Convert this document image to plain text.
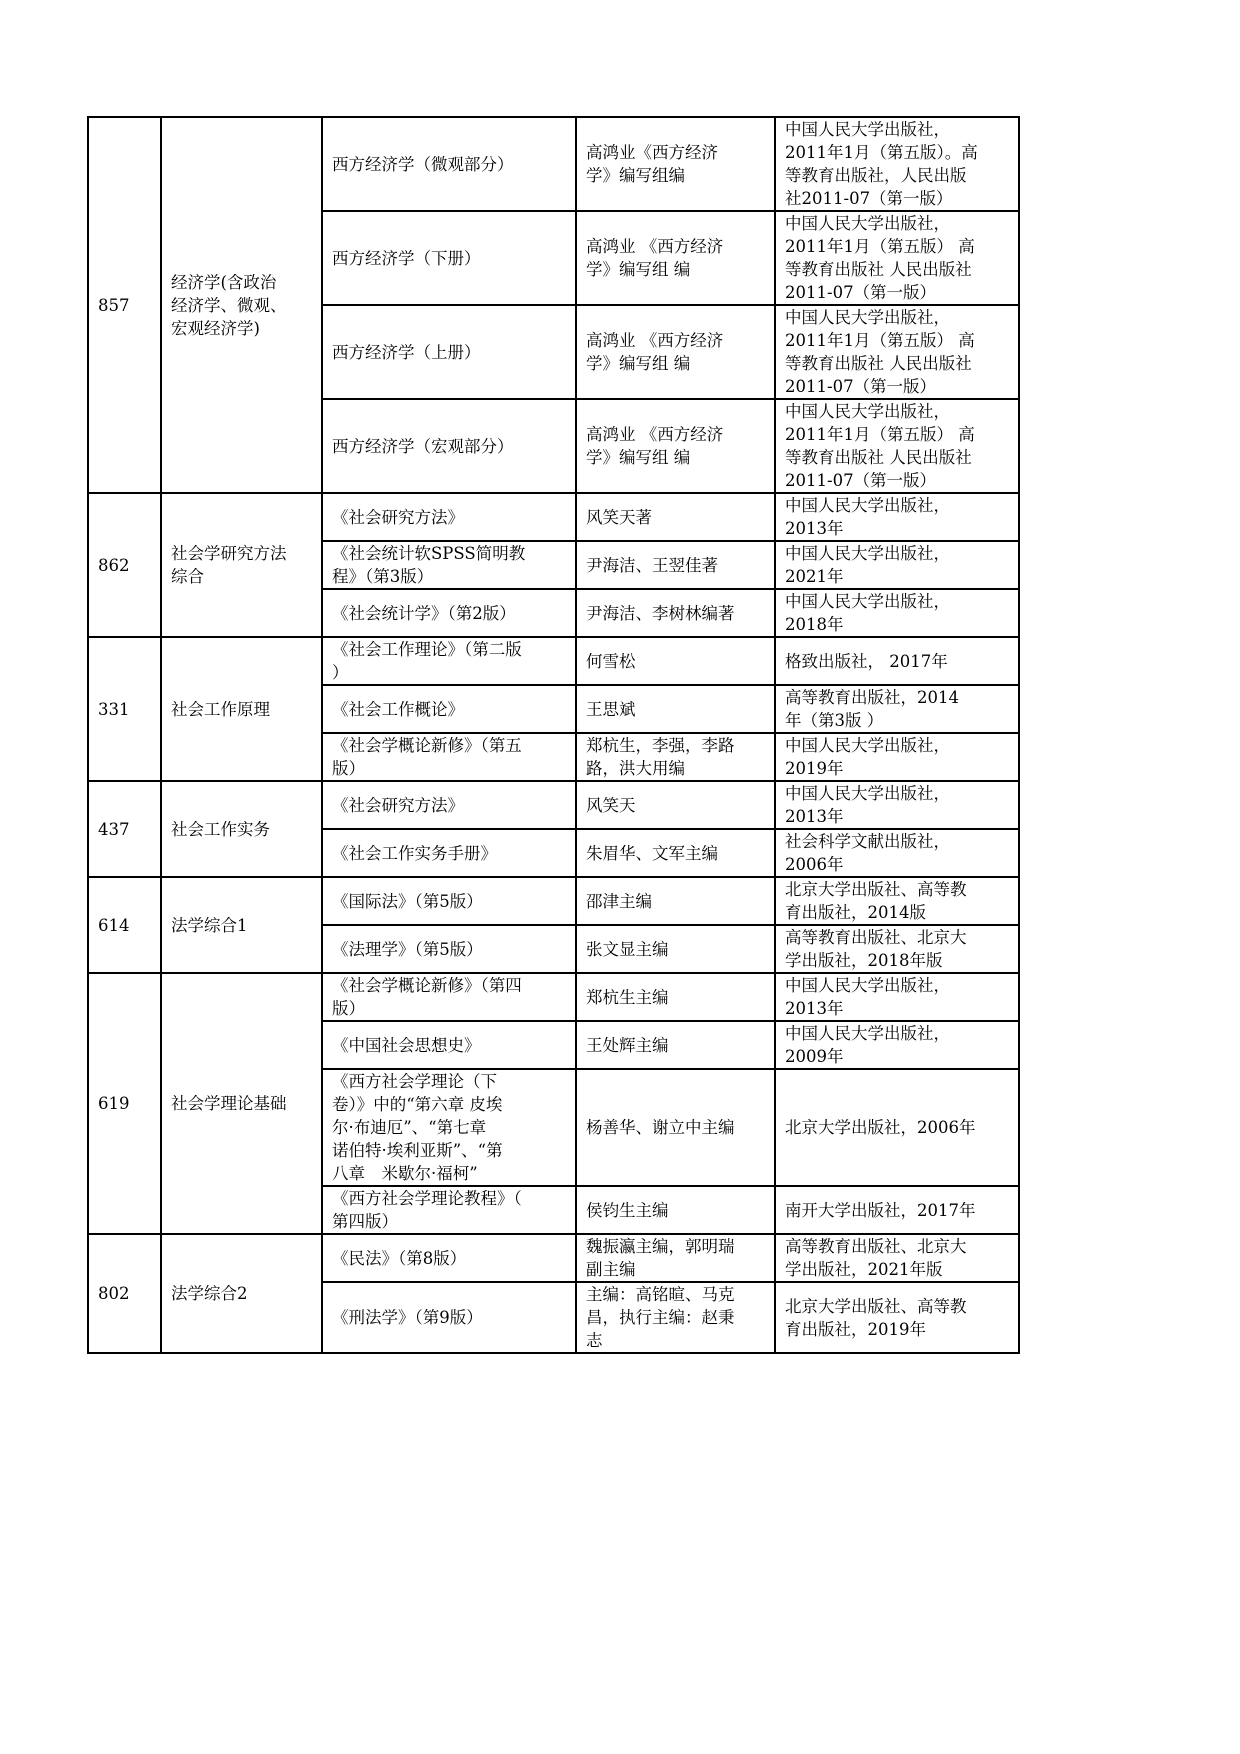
857	经济学(含政治
经济学、微观、
宏观经济学)	西方经济学（微观部分）	高鸿业《西方经济
学》编写组编	中国人民大学出版社，
2011年1月（第五版）。高
等教育出版社，人民出版
社2011-07（第一版）
		西方经济学（下册）	高鸿业 《西方经济
学》编写组 编	中国人民大学出版社，
2011年1月（第五版） 高
等教育出版社 人民出版社
2011-07（第一版）
		西方经济学（上册）	高鸿业 《西方经济
学》编写组 编	中国人民大学出版社，
2011年1月（第五版） 高
等教育出版社 人民出版社
2011-07（第一版）
		西方经济学（宏观部分）	高鸿业 《西方经济
学》编写组 编	中国人民大学出版社，
2011年1月（第五版） 高
等教育出版社 人民出版社
2011-07（第一版）
862	社会学研究方法
综合	《社会研究方法》	风笑天著	中国人民大学出版社，
2013年
		《社会统计软SPSS简明教
程》（第3版）	尹海洁、王翌佳著	中国人民大学出版社，
2021年
		《社会统计学》（第2版）	尹海洁、李树林编著	中国人民大学出版社，
2018年
331	社会工作原理	《社会工作理论》（第二版
）	何雪松	格致出版社， 2017年
		《社会工作概论》	王思斌	高等教育出版社，2014
年（第3版 ）
		《社会学概论新修》（第五
版）	郑杭生，李强，李路
路，洪大用编	中国人民大学出版社，
2019年
437	社会工作实务	《社会研究方法》	风笑天	中国人民大学出版社，
2013年
		《社会工作实务手册》	朱眉华、文军主编	社会科学文献出版社，
2006年
614	法学综合1	《国际法》（第5版）	邵津主编	北京大学出版社、高等教
育出版社，2014版
		《法理学》（第5版）	张文显主编	高等教育出版社、北京大
学出版社，2018年版
619	社会学理论基础	《社会学概论新修》（第四
版）	郑杭生主编	中国人民大学出版社，
2013年
		《中国社会思想史》	王处辉主编	中国人民大学出版社，
2009年
		《西方社会学理论（下
卷）》中的“第六章 皮埃
尔·布迪厄”、“第七章
诺伯特·埃利亚斯”、“第
八章　米歇尔·福柯”	杨善华、谢立中主编	北京大学出版社，2006年
		《西方社会学理论教程》（
第四版）	侯钧生主编	南开大学出版社，2017年
802	法学综合2	《民法》（第8版）	魏振瀛主编，郭明瑞
副主编	高等教育出版社、北京大
学出版社，2021年版
		《刑法学》（第9版）	主编：高铭暄、马克
昌，执行主编：赵秉
志	北京大学出版社、高等教
育出版社，2019年
